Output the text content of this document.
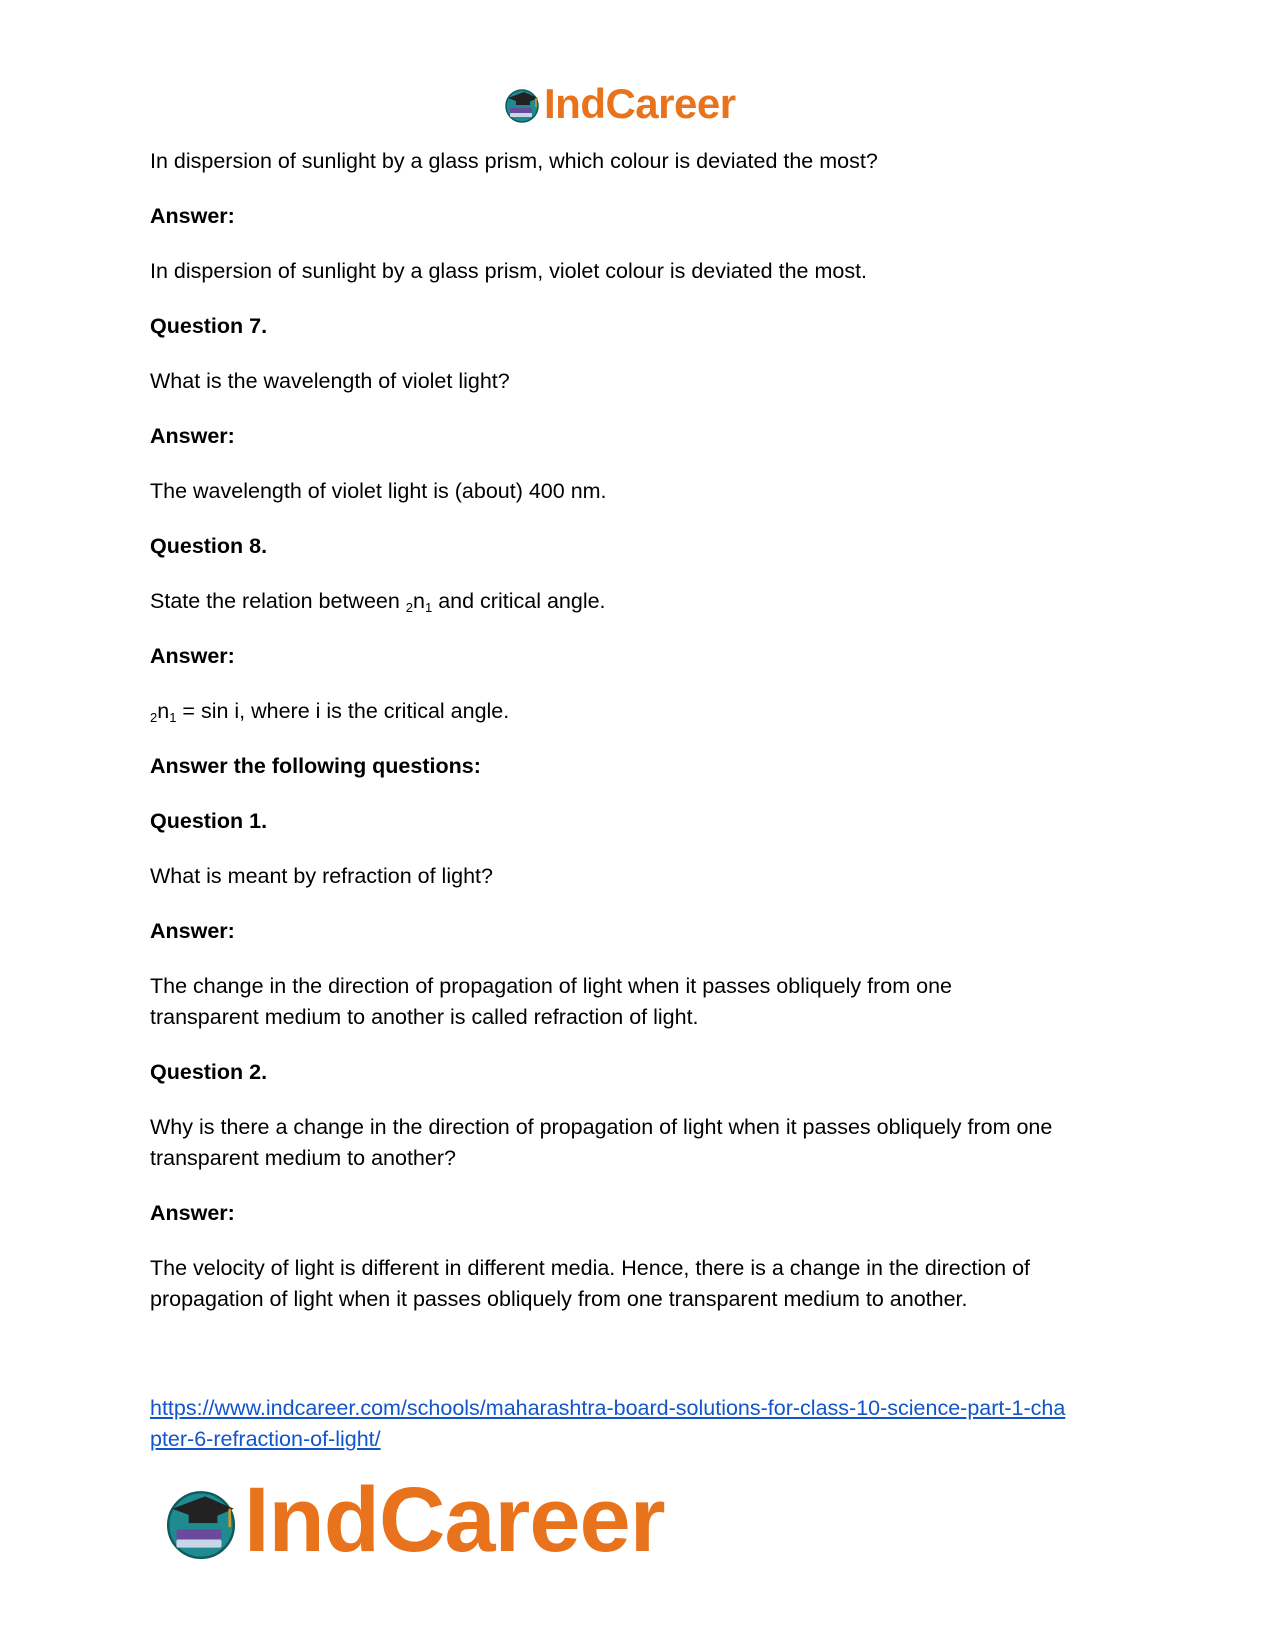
IndCareer

In dispersion of sunlight by a glass prism, which colour is deviated the most?

Answer:

In dispersion of sunlight by a glass prism, violet colour is deviated the most.

Question 7.

What is the wavelength of violet light?

Answer:

The wavelength of violet light is (about) 400 nm.

Question 8.

State the relation between $_2n_1$ and critical angle.

Answer:

$_2n_1 = \sin i$, where i is the critical angle.

Answer the following questions:

Question 1.

What is meant by refraction of light?

Answer:

The change in the direction of propagation of light when it passes obliquely from one
transparent medium to another is called refraction of light.

Question 2.

Why is there a change in the direction of propagation of light when it passes obliquely from one
transparent medium to another?

Answer:

The velocity of light is different in different media. Hence, there is a change in the direction of
propagation of light when it passes obliquely from one transparent medium to another.

https://www.indcareer.com/schools/maharashtra-board-solutions-for-class-10-science-part-1-cha
pter-6-refraction-of-light/
IndCareer
